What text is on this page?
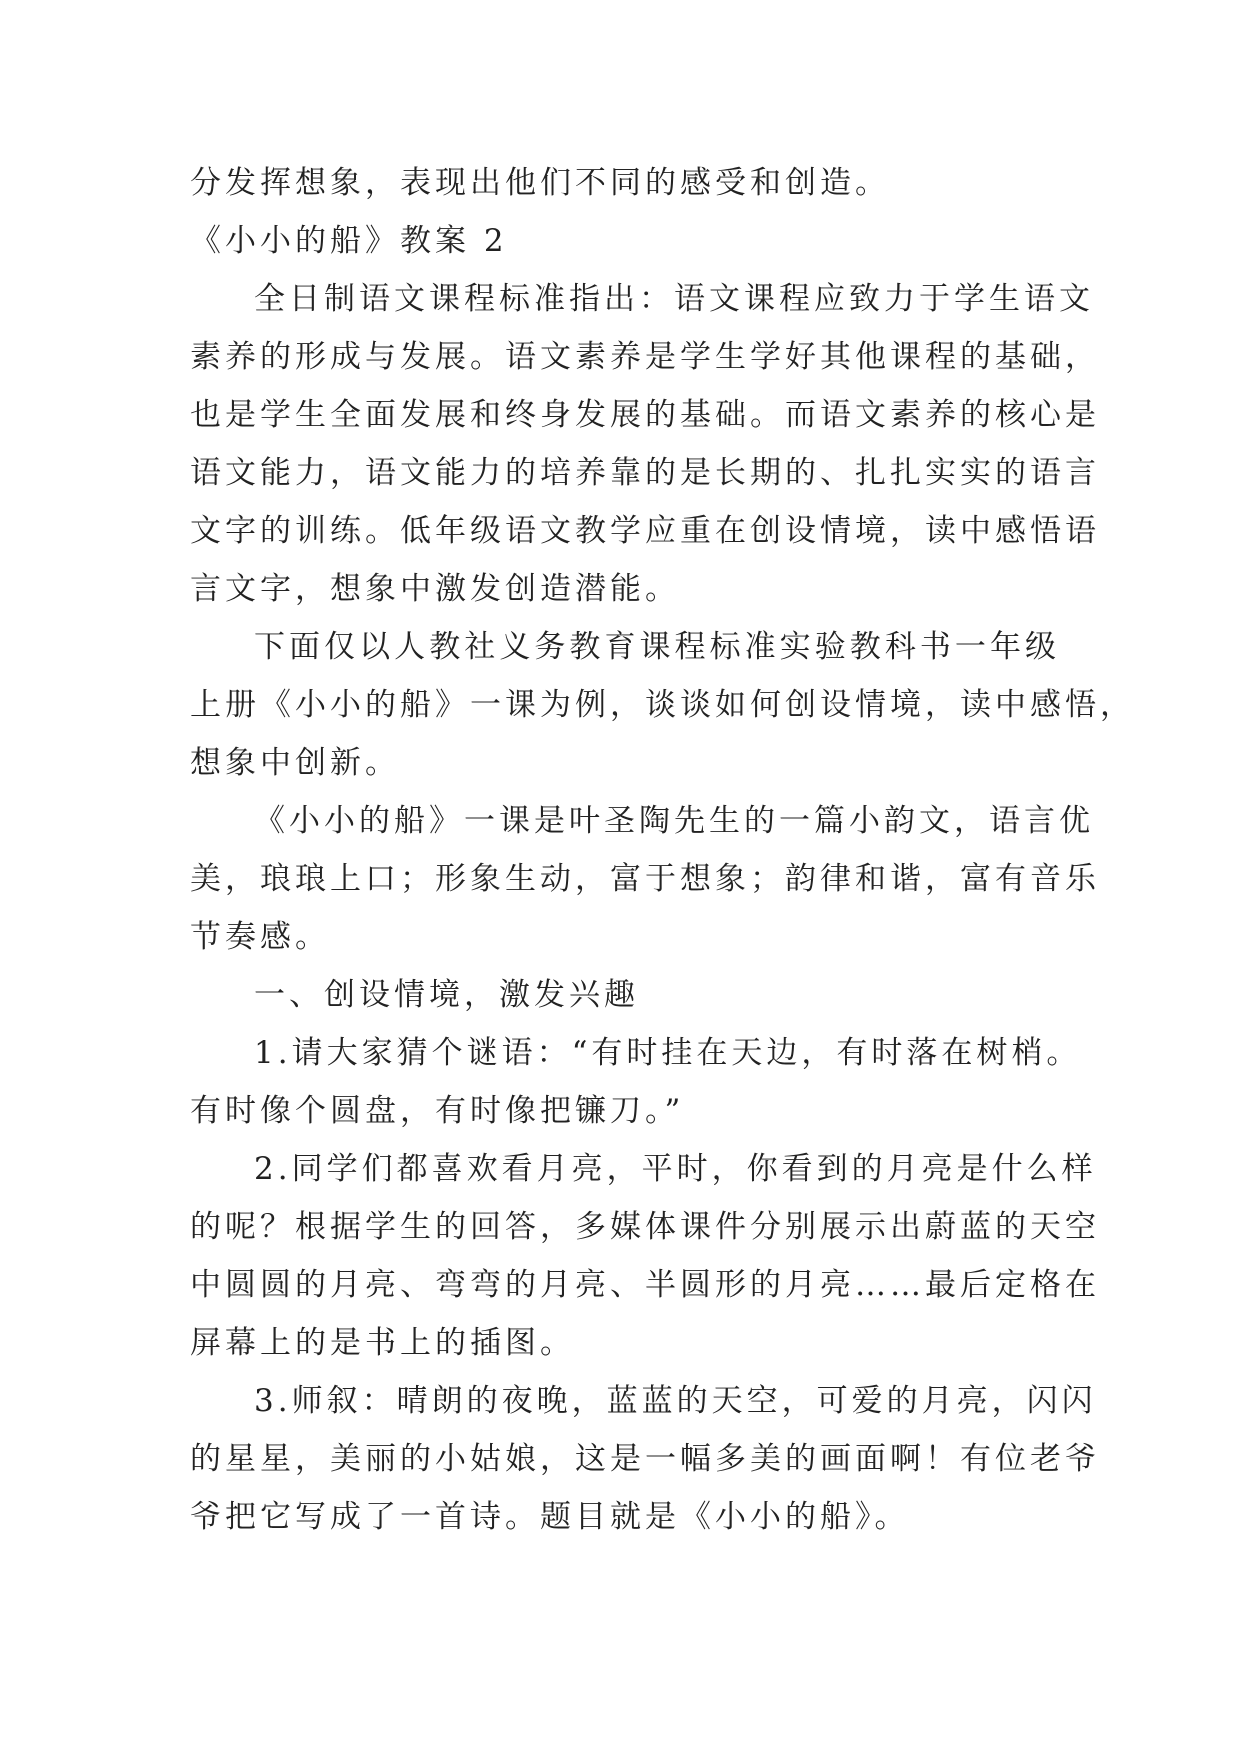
分发挥想象，表现出他们不同的感受和创造。
《小小的船》教案 2
全日制语文课程标准指出：语文课程应致力于学生语文
素养的形成与发展。语文素养是学生学好其他课程的基础，
也是学生全面发展和终身发展的基础。而语文素养的核心是
语文能力，语文能力的培养靠的是长期的、扎扎实实的语言
文字的训练。低年级语文教学应重在创设情境，读中感悟语
言文字，想象中激发创造潜能。
下面仅以人教社义务教育课程标准实验教科书一年级
上册《小小的船》一课为例，谈谈如何创设情境，读中感悟，
想象中创新。
《小小的船》一课是叶圣陶先生的一篇小韵文，语言优
美，琅琅上口；形象生动，富于想象；韵律和谐，富有音乐
节奏感。
一、创设情境，激发兴趣
1.请大家猜个谜语：“有时挂在天边，有时落在树梢。
有时像个圆盘，有时像把镰刀。”
2.同学们都喜欢看月亮，平时，你看到的月亮是什么样
的呢？根据学生的回答，多媒体课件分别展示出蔚蓝的天空
中圆圆的月亮、弯弯的月亮、半圆形的月亮……最后定格在
屏幕上的是书上的插图。
3.师叙：晴朗的夜晚，蓝蓝的天空，可爱的月亮，闪闪
的星星，美丽的小姑娘，这是一幅多美的画面啊！有位老爷
爷把它写成了一首诗。题目就是《小小的船》。
